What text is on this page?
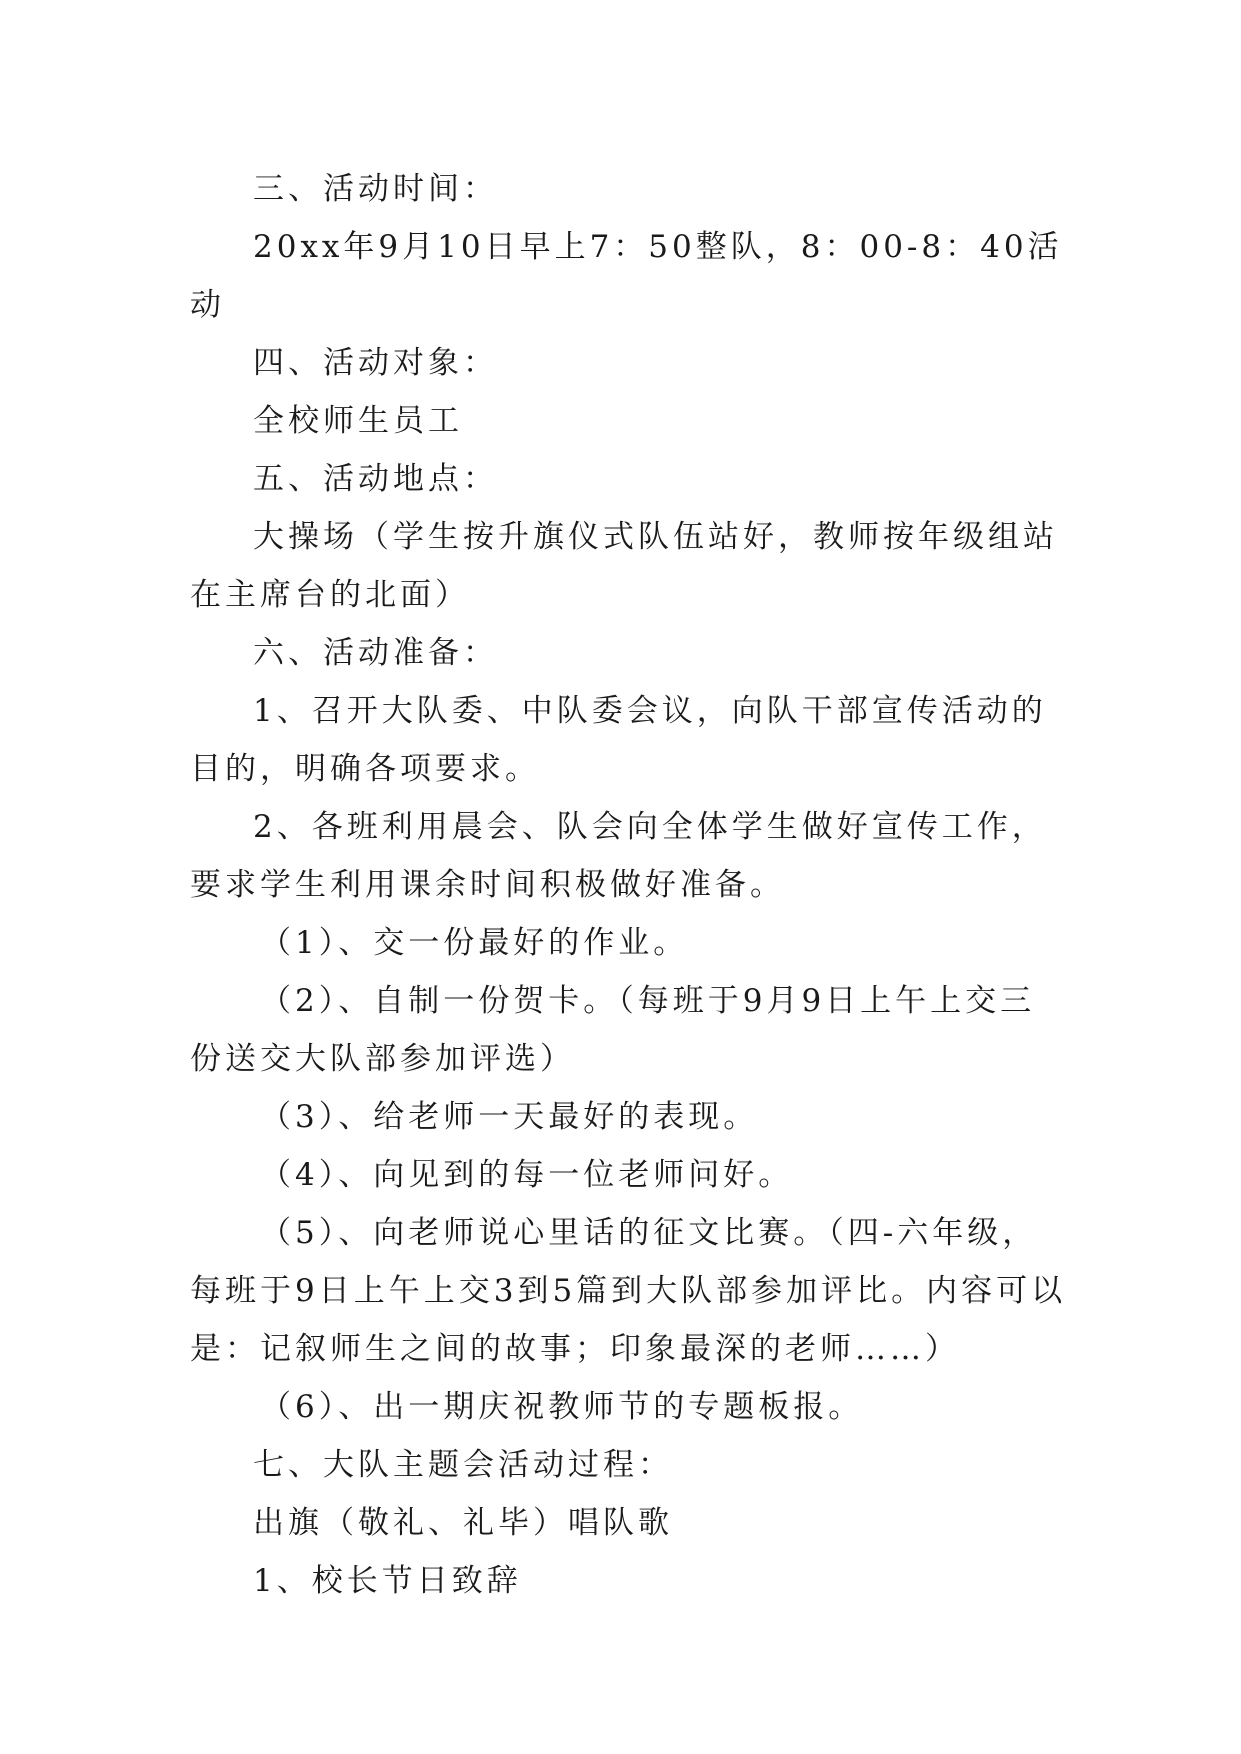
三、活动时间：

20xx年9月10日早上7：50整队，8：00-8：40活动

四、活动对象：

全校师生员工

五、活动地点：

大操场（学生按升旗仪式队伍站好，教师按年级组站在主席台的北面）

六、活动准备：

1、召开大队委、中队委会议，向队干部宣传活动的目的，明确各项要求。

2、各班利用晨会、队会向全体学生做好宣传工作，要求学生利用课余时间积极做好准备。

（1）、交一份最好的作业。

（2）、自制一份贺卡。（每班于9月9日上午上交三份送交大队部参加评选）

（3）、给老师一天最好的表现。

（4）、向见到的每一位老师问好。

（5）、向老师说心里话的征文比赛。（四-六年级，每班于9日上午上交3到5篇到大队部参加评比。内容可以是：记叙师生之间的故事；印象最深的老师……）

（6）、出一期庆祝教师节的专题板报。

七、大队主题会活动过程：

出旗（敬礼、礼毕）唱队歌

1、校长节日致辞
